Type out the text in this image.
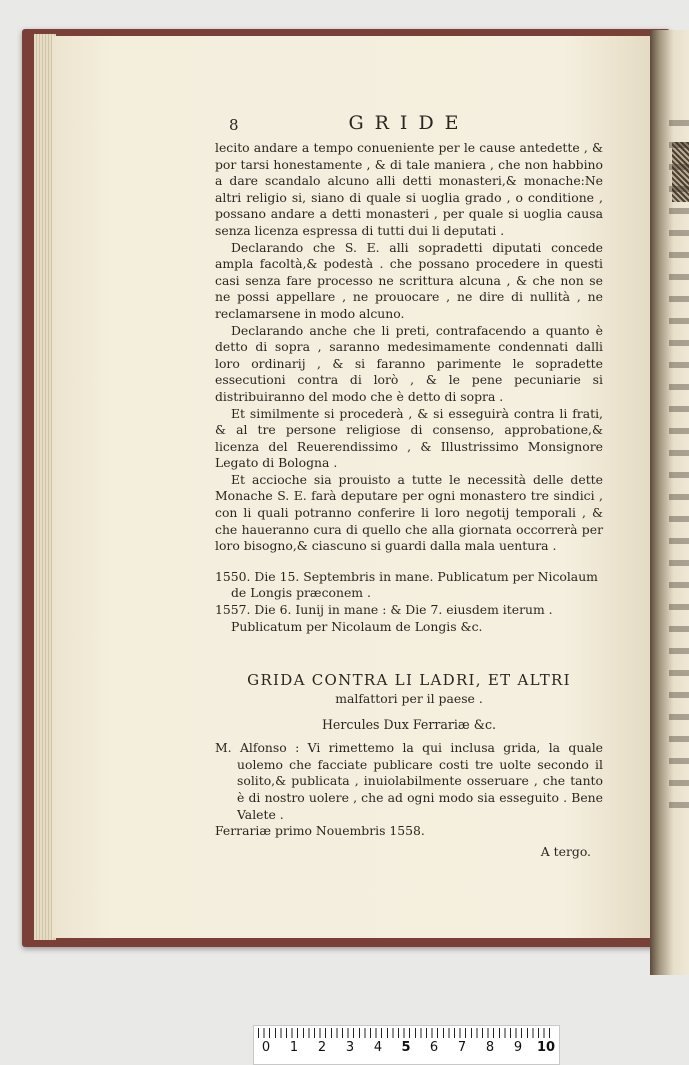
8	GRIDE

lecito andare a tempo conueniente per le cause antedette , & por tarsi honestamente , & di tale maniera , che non habbino a dare scandalo alcuno alli detti monasteri,& monache:Ne altri religio si, siano di quale si uoglia grado , o conditione , possano andare a detti monasteri , per quale si uoglia causa senza licenza espressa di tutti dui li deputati .

Declarando che S. E. alli sopradetti diputati concede ampla facoltà,& podestà . che possano procedere in questi casi senza fare processo ne scrittura alcuna , & che non se ne possi appellare , ne prouocare , ne dire di nullità , ne reclamarsene in modo alcuno.

Declarando anche che li preti, contrafacendo a quanto è detto di sopra , saranno medesimamente condennati dalli loro ordinarij , & si faranno parimente le sopradette essecutioni contra di lorò , & le pene pecuniarie si distribuiranno del modo che è detto di sopra .

Et similmente si procederà , & si esseguirà contra li frati, & al tre persone religiose di consenso, approbatione,& licenza del Reuerendissimo , & Illustrissimo Monsignore Legato di Bologna .

Et accioche sia prouisto a tutte le necessità delle dette Monache S. E. farà deputare per ogni monastero tre sindici , con li quali potranno conferire li loro negotij temporali , & che haueranno cura di quello che alla giornata occorrerà per loro bisogno,& ciascuno si guardi dalla mala uentura .

1550. Die 15. Septembris in mane. Publicatum per Nicolaum de Longis præconem .

1557. Die 6. Iunij in mane : & Die 7. eiusdem iterum . Publicatum per Nicolaum de Longis &c.

GRIDA CONTRA LI LADRI, ET ALTRI

malfattori per il paese .

Hercules Dux Ferrariæ &c.

M. Alfonso : Vi rimettemo la qui inclusa grida, la quale uolemo che facciate publicare costi tre uolte secondo il solito,& publicata , inuiolabilmente osseruare , che tanto è di nostro uolere , che ad ogni modo sia esseguito . Bene Valete .

Ferrariæ primo Nouembris 1558.

A tergo.

0	1	2	3	4	5	6	7	8	9	10
